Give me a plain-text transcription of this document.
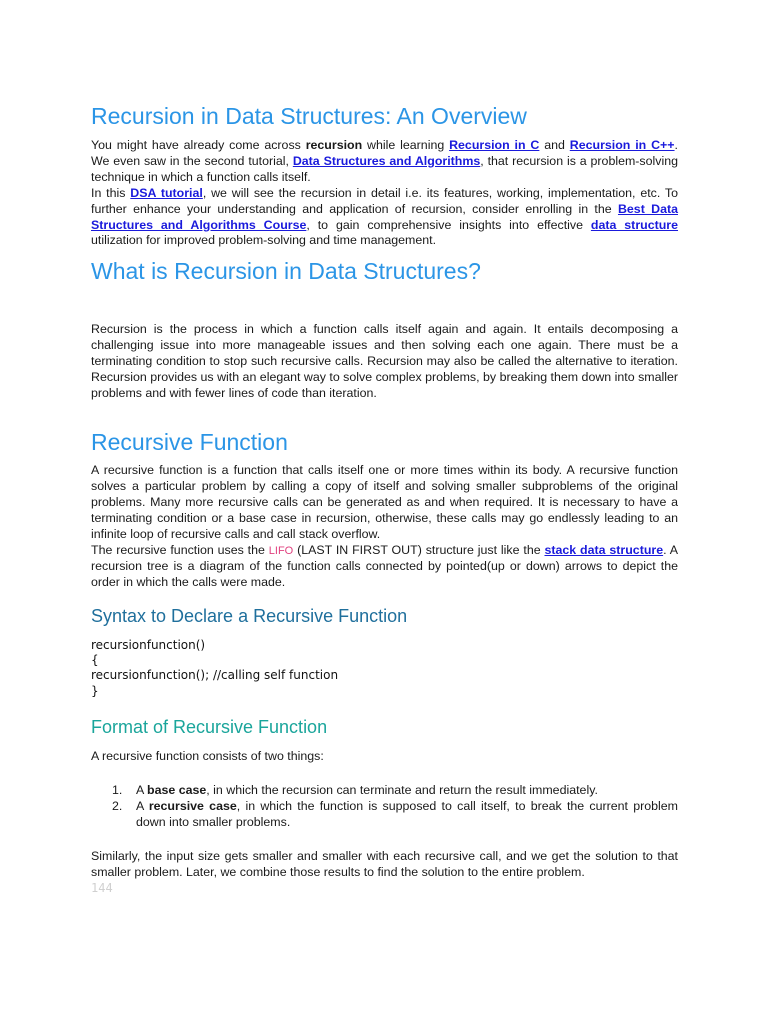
Recursion in Data Structures: An Overview

You might have already come across recursion while learning Recursion in C and Recursion in C++. We even saw in the second tutorial, Data Structures and Algorithms, that recursion is a problem-solving technique in which a function calls itself.

In this DSA tutorial, we will see the recursion in detail i.e. its features, working, implementation, etc. To further enhance your understanding and application of recursion, consider enrolling in the Best Data Structures and Algorithms Course, to gain comprehensive insights into effective data structure utilization for improved problem-solving and time management.

What is Recursion in Data Structures?

Recursion is the process in which a function calls itself again and again. It entails decomposing a challenging issue into more manageable issues and then solving each one again. There must be a terminating condition to stop such recursive calls. Recursion may also be called the alternative to iteration. Recursion provides us with an elegant way to solve complex problems, by breaking them down into smaller problems and with fewer lines of code than iteration.

Recursive Function

A recursive function is a function that calls itself one or more times within its body. A recursive function solves a particular problem by calling a copy of itself and solving smaller subproblems of the original problems. Many more recursive calls can be generated as and when required. It is necessary to have a terminating condition or a base case in recursion, otherwise, these calls may go endlessly leading to an infinite loop of recursive calls and call stack overflow.

The recursive function uses the LIFO (LAST IN FIRST OUT) structure just like the stack data structure. A recursion tree is a diagram of the function calls connected by pointed(up or down) arrows to depict the order in which the calls were made.

Syntax to Declare a Recursive Function
recursionfunction()
{
recursionfunction(); //calling self function
}
Format of Recursive Function

A recursive function consists of two things:

1. A base case, in which the recursion can terminate and return the result immediately.
2. A recursive case, in which the function is supposed to call itself, to break the current problem down into smaller problems.

Similarly, the input size gets smaller and smaller with each recursive call, and we get the solution to that smaller problem. Later, we combine those results to find the solution to the entire problem.

144
